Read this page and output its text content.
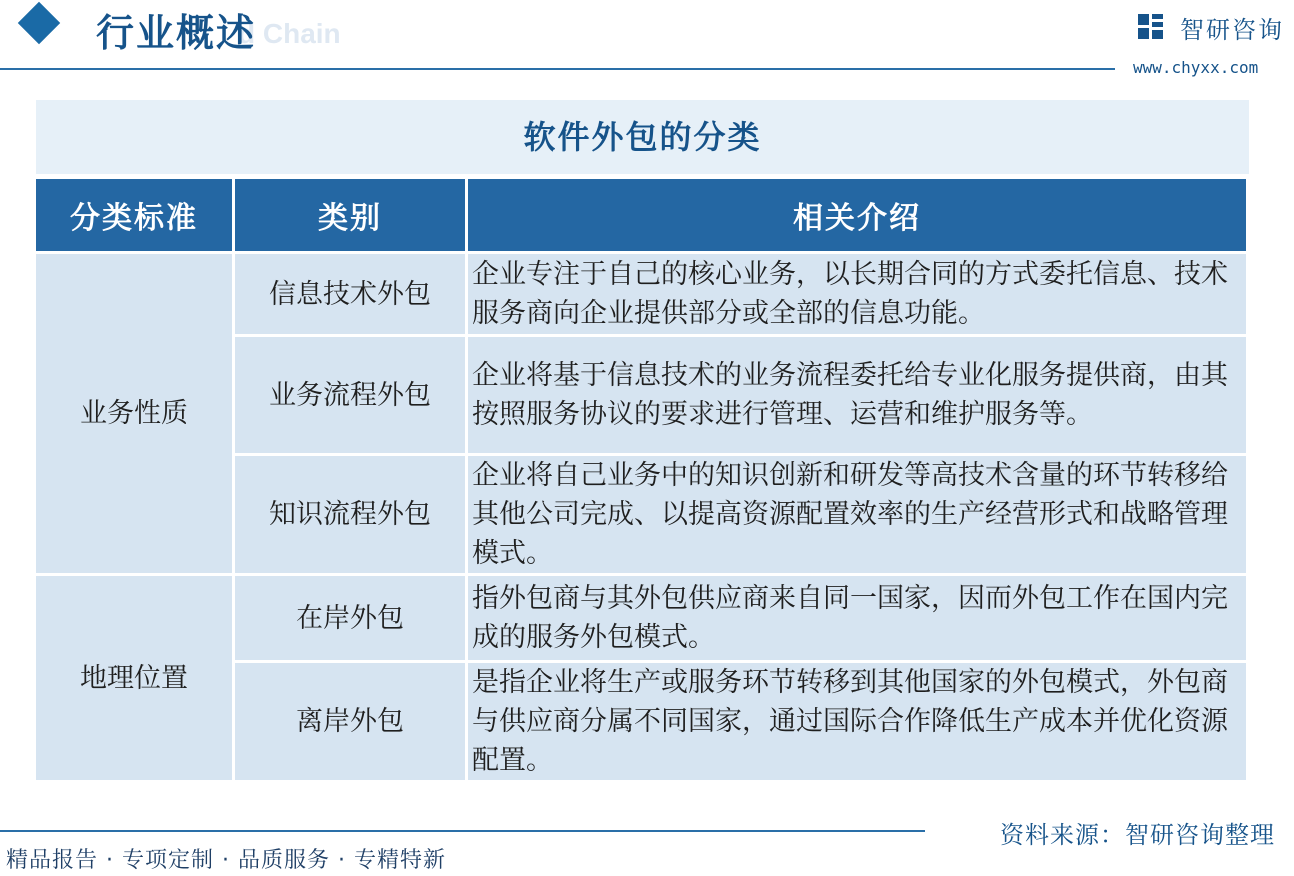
d Chain
行业概述	智研咨询
www.chyxx.com
软件外包的分类
分类标准	类别	相关介绍
业务性质	信息技术外包	企业专注于自己的核心业务，以长期合同的方式委托信息、技术服务商向企业提供部分或全部的信息功能。
	业务流程外包	企业将基于信息技术的业务流程委托给专业化服务提供商，由其按照服务协议的要求进行管理、运营和维护服务等。
	知识流程外包	企业将自己业务中的知识创新和研发等高技术含量的环节转移给其他公司完成、以提高资源配置效率的生产经营形式和战略管理模式。
地理位置	在岸外包	指外包商与其外包供应商来自同一国家，因而外包工作在国内完成的服务外包模式。
	离岸外包	是指企业将生产或服务环节转移到其他国家的外包模式，外包商与供应商分属不同国家，通过国际合作降低生产成本并优化资源配置。
资料来源：智研咨询整理
精品报告 · 专项定制 · 品质服务 · 专精特新
